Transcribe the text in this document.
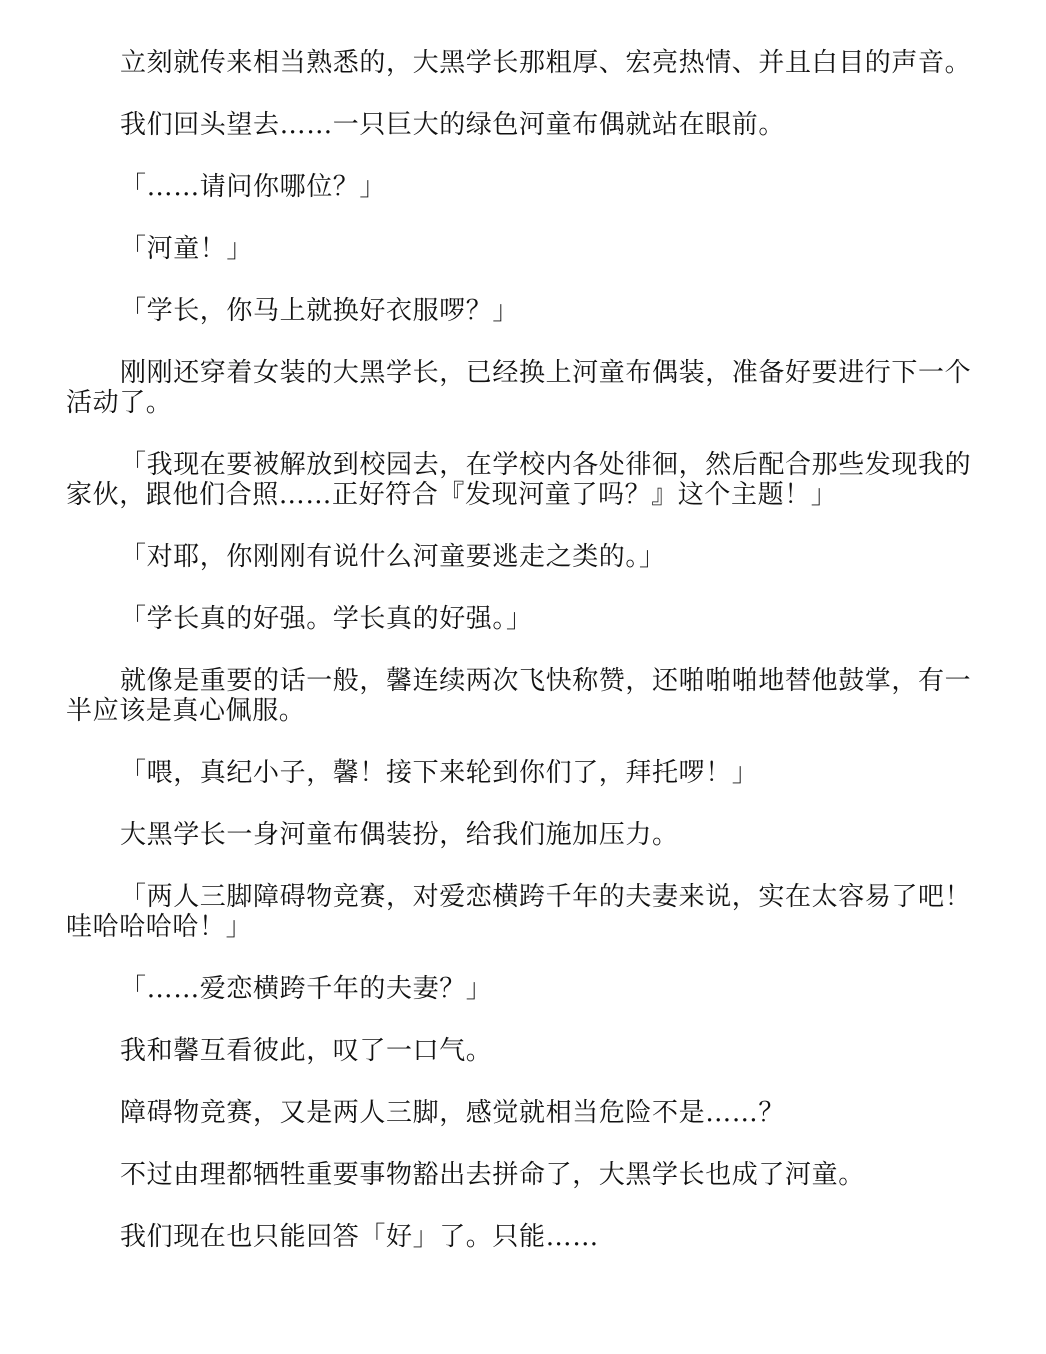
立刻就传来相当熟悉的，大黑学长那粗厚、宏亮热情、并且白目的声音。

我们回头望去……一只巨大的绿色河童布偶就站在眼前。

「……请问你哪位？」

「河童！」

「学长，你马上就换好衣服啰？」

刚刚还穿着女装的大黑学长，已经换上河童布偶装，准备好要进行下一个活动了。

「我现在要被解放到校园去，在学校内各处徘徊，然后配合那些发现我的家伙，跟他们合照……正好符合『发现河童了吗？』这个主题！」

「对耶，你刚刚有说什么河童要逃走之类的。」

「学长真的好强。学长真的好强。」

就像是重要的话一般，馨连续两次飞快称赞，还啪啪啪地替他鼓掌，有一半应该是真心佩服。

「喂，真纪小子，馨！接下来轮到你们了，拜托啰！」

大黑学长一身河童布偶装扮，给我们施加压力。

「两人三脚障碍物竞赛，对爱恋横跨千年的夫妻来说，实在太容易了吧！哇哈哈哈哈！」

「……爱恋横跨千年的夫妻？」

我和馨互看彼此，叹了一口气。

障碍物竞赛，又是两人三脚，感觉就相当危险不是……？

不过由理都牺牲重要事物豁出去拼命了，大黑学长也成了河童。

我们现在也只能回答「好」了。只能……
